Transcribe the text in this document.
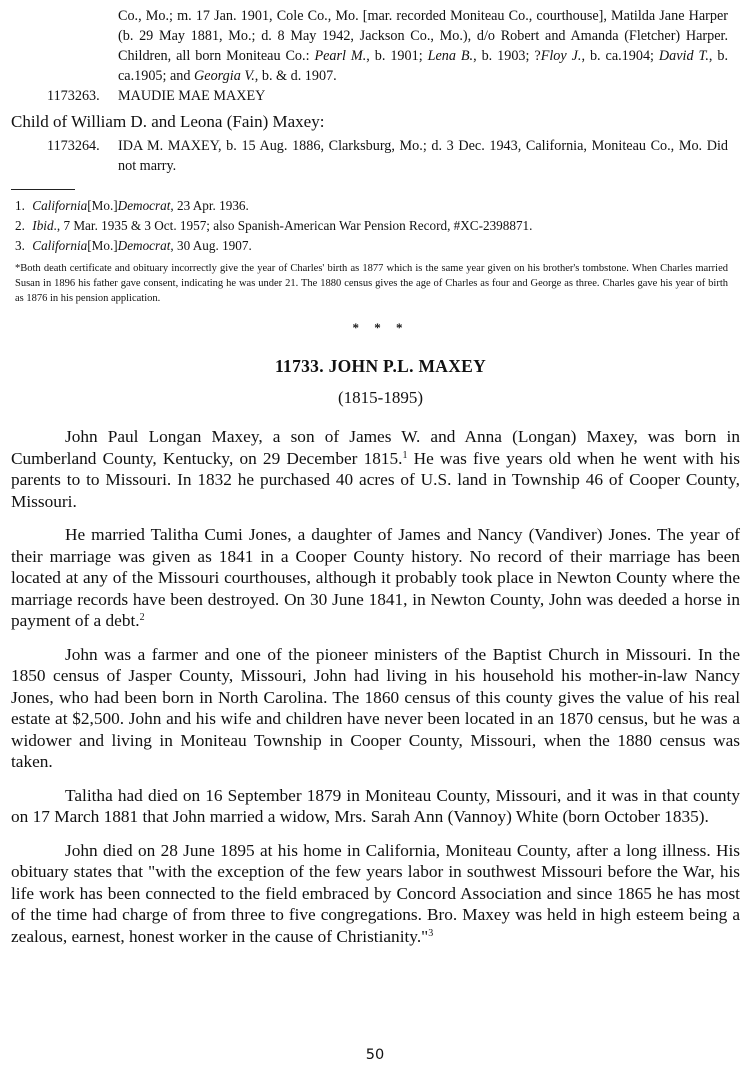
Co., Mo.; m. 17 Jan. 1901, Cole Co., Mo. [mar. recorded Moniteau Co., courthouse], Matilda Jane Harper (b. 29 May 1881, Mo.; d. 8 May 1942, Jackson Co., Mo.), d/o Robert and Amanda (Fletcher) Harper. Children, all born Moniteau Co.: Pearl M., b. 1901; Lena B., b. 1903; ?Floy J., b. ca.1904; David T., b. ca.1905; and Georgia V., b. & d. 1907.
1173263.	MAUDIE MAE MAXEY
Child of William D. and Leona (Fain) Maxey:
1173264.	IDA M. MAXEY, b. 15 Aug. 1886, Clarksburg, Mo.; d. 3 Dec. 1943, California, Moniteau Co., Mo. Did not marry.
1. California[Mo.]Democrat, 23 Apr. 1936.
2. Ibid., 7 Mar. 1935 & 3 Oct. 1957; also Spanish-American War Pension Record, #XC-2398871.
3. California[Mo.]Democrat, 30 Aug. 1907.
*Both death certificate and obituary incorrectly give the year of Charles' birth as 1877 which is the same year given on his brother's tombstone. When Charles married Susan in 1896 his father gave consent, indicating he was under 21. The 1880 census gives the age of Charles as four and George as three. Charles gave his year of birth as 1876 in his pension application.
* * *
11733. JOHN P.L. MAXEY
(1815-1895)

John Paul Longan Maxey, a son of James W. and Anna (Longan) Maxey, was born in Cumberland County, Kentucky, on 29 December 1815.$^1$ He was five years old when he went with his parents to to Missouri. In 1832 he purchased 40 acres of U.S. land in Township 46 of Cooper County, Missouri.

He married Talitha Cumi Jones, a daughter of James and Nancy (Vandiver) Jones. The year of their marriage was given as 1841 in a Cooper County history. No record of their marriage has been located at any of the Missouri courthouses, although it probably took place in Newton County where the marriage records have been destroyed. On 30 June 1841, in Newton County, John was deeded a horse in payment of a debt.$^2$

John was a farmer and one of the pioneer ministers of the Baptist Church in Missouri. In the 1850 census of Jasper County, Missouri, John had living in his household his mother-in-law Nancy Jones, who had been born in North Carolina. The 1860 census of this county gives the value of his real estate at $2,500. John and his wife and children have never been located in an 1870 census, but he was a widower and living in Moniteau Township in Cooper County, Missouri, when the 1880 census was taken.

Talitha had died on 16 September 1879 in Moniteau County, Missouri, and it was in that county on 17 March 1881 that John married a widow, Mrs. Sarah Ann (Vannoy) White (born October 1835).

John died on 28 June 1895 at his home in California, Moniteau County, after a long illness. His obituary states that "with the exception of the few years labor in southwest Missouri before the War, his life work has been connected to the field embraced by Concord Association and since 1865 he has most of the time had charge of from three to five congregations. Bro. Maxey was held in high esteem being a zealous, earnest, honest worker in the cause of Christianity."$^3$

50
